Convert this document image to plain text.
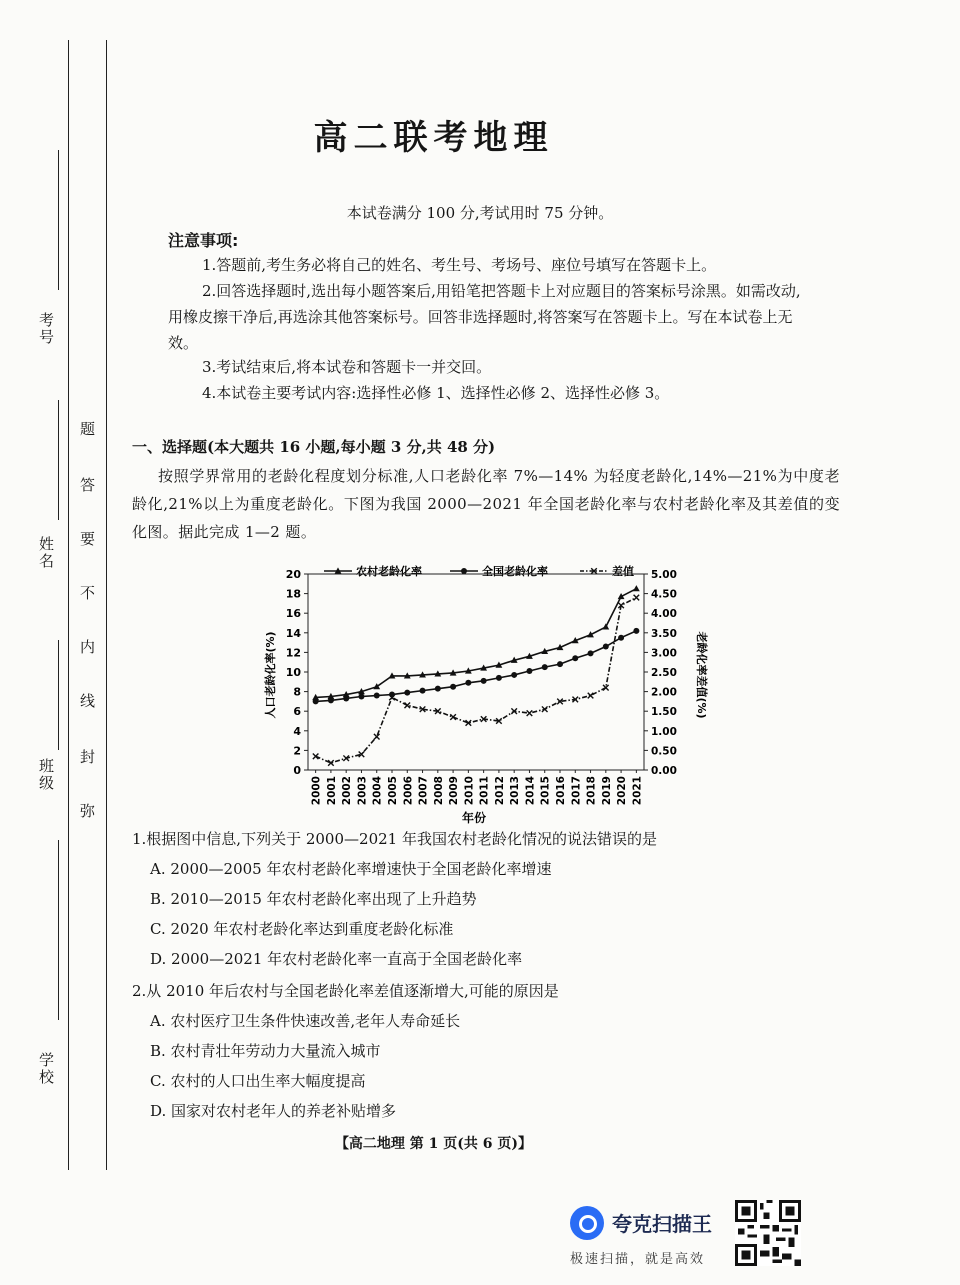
考号
姓名
班级
学校
题
答
要
不
内
线
封
弥
高二联考地理
本试卷满分 100 分,考试用时 75 分钟。
注意事项:
1.答题前,考生务必将自己的姓名、考生号、考场号、座位号填写在答题卡上。
2.回答选择题时,选出每小题答案后,用铅笔把答题卡上对应题目的答案标号涂黑。如需改动,用橡皮擦干净后,再选涂其他答案标号。回答非选择题时,将答案写在答题卡上。写在本试卷上无效。
3.考试结束后,将本试卷和答题卡一并交回。
4.本试卷主要考试内容:选择性必修 1、选择性必修 2、选择性必修 3。
一、选择题(本大题共 16 小题,每小题 3 分,共 48 分)
按照学界常用的老龄化程度划分标准,人口老龄化率 7%—14% 为轻度老龄化,14%—21%为中度老龄化,21%以上为重度老龄化。下图为我国 2000—2021 年全国老龄化率与农村老龄化率及其差值的变化图。据此完成 1—2 题。
农村老龄化率	全国老龄化率	差值
0
2
4
6
8
10
12
14
16
18
20
0.00
0.50
1.00
1.50
2.00
2.50
3.00
3.50
4.00
4.50
5.00
2000 2001 2002 2003 2004 2005 2006 2007 2008 2009 2010 2011 2012 2013 2014 2015 2016 2017 2018 2019 2020 2021
人口老龄化率(%)	老龄化率差值(%)
年份
1.根据图中信息,下列关于 2000—2021 年我国农村老龄化情况的说法错误的是
A. 2000—2005 年农村老龄化率增速快于全国老龄化率增速
B. 2010—2015 年农村老龄化率出现了上升趋势
C. 2020 年农村老龄化率达到重度老龄化标准
D. 2000—2021 年农村老龄化率一直高于全国老龄化率
2.从 2010 年后农村与全国老龄化率差值逐渐增大,可能的原因是
A. 农村医疗卫生条件快速改善,老年人寿命延长
B. 农村青壮年劳动力大量流入城市
C. 农村的人口出生率大幅度提高
D. 国家对农村老年人的养老补贴增多
【高二地理 第 1 页(共 6 页)】
夸克扫描王
极速扫描，就是高效
